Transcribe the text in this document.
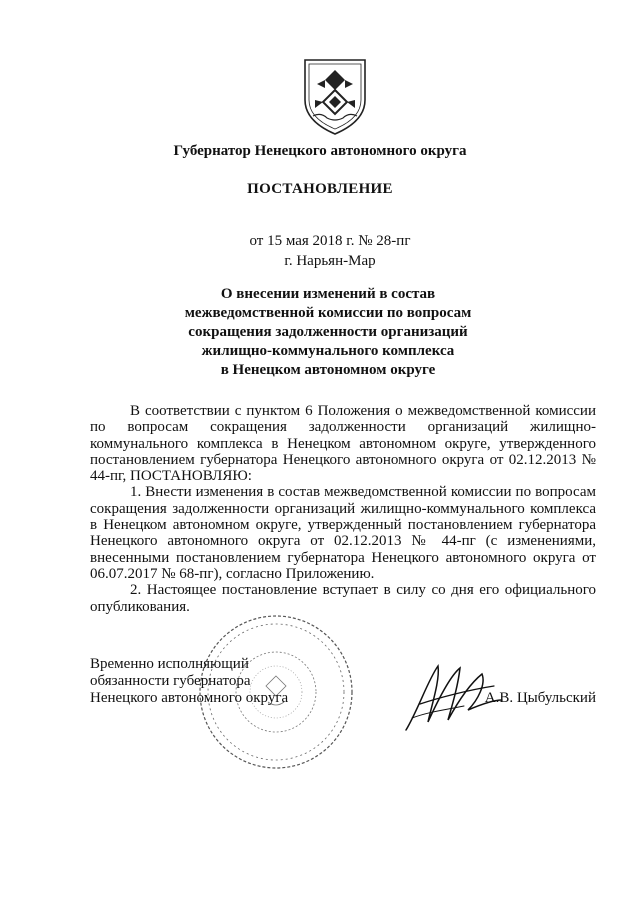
Губернатор Ненецкого автономного округа
ПОСТАНОВЛЕНИЕ
от 15 мая 2018 г. № 28-пг
г. Нарьян-Мар
О внесении изменений в состав
межведомственной комиссии по вопросам
сокращения задолженности организаций
жилищно-коммунального комплекса
в Ненецком автономном округе

В соответствии с пунктом 6 Положения о межведомственной комиссии по вопросам сокращения задолженности организаций жилищно-коммунального комплекса в Ненецком автономном округе, утвержденного постановлением губернатора Ненецкого автономного округа от 02.12.2013 № 44-пг, ПОСТАНОВЛЯЮ:

1. Внести изменения в состав межведомственной комиссии по вопросам сокращения задолженности организаций жилищно-коммунального комплекса в Ненецком автономном округе, утвержденный постановлением губернатора Ненецкого автономного округа от 02.12.2013 № 44-пг (с изменениями, внесенными постановлением губернатора Ненецкого автономного округа от 06.07.2017 № 68-пг), согласно Приложению.

2. Настоящее постановление вступает в силу со дня его официального опубликования.

Временно исполняющий
обязанности губернатора
Ненецкого автономного округа	А.В. Цыбульский
